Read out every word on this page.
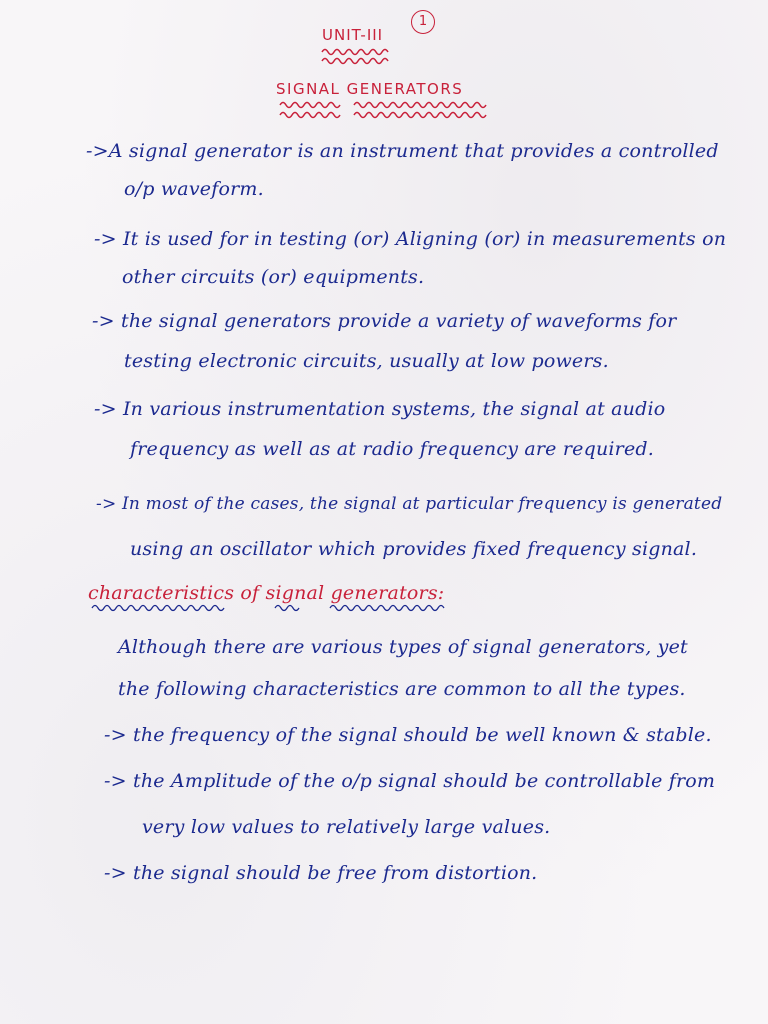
1
UNIT-III
SIGNAL GENERATORS
->A signal generator is an instrument that provides a controlled
o/p waveform.
-> It is used for in testing (or) Aligning (or) in measurements on
other circuits (or) equipments.
-> the signal generators provide a variety of waveforms for
testing electronic circuits, usually at low powers.
-> In various instrumentation systems, the signal at audio
frequency as well as at radio frequency are required.
-> In most of the cases, the signal at particular frequency is generated
using an oscillator which provides fixed frequency signal.
characteristics of signal generators:
Although there are various types of signal generators, yet
the following characteristics are common to all the types.
-> the frequency of the signal should be well known & stable.
-> the Amplitude of the o/p signal should be controllable from
very low values to relatively large values.
-> the signal should be free from distortion.
